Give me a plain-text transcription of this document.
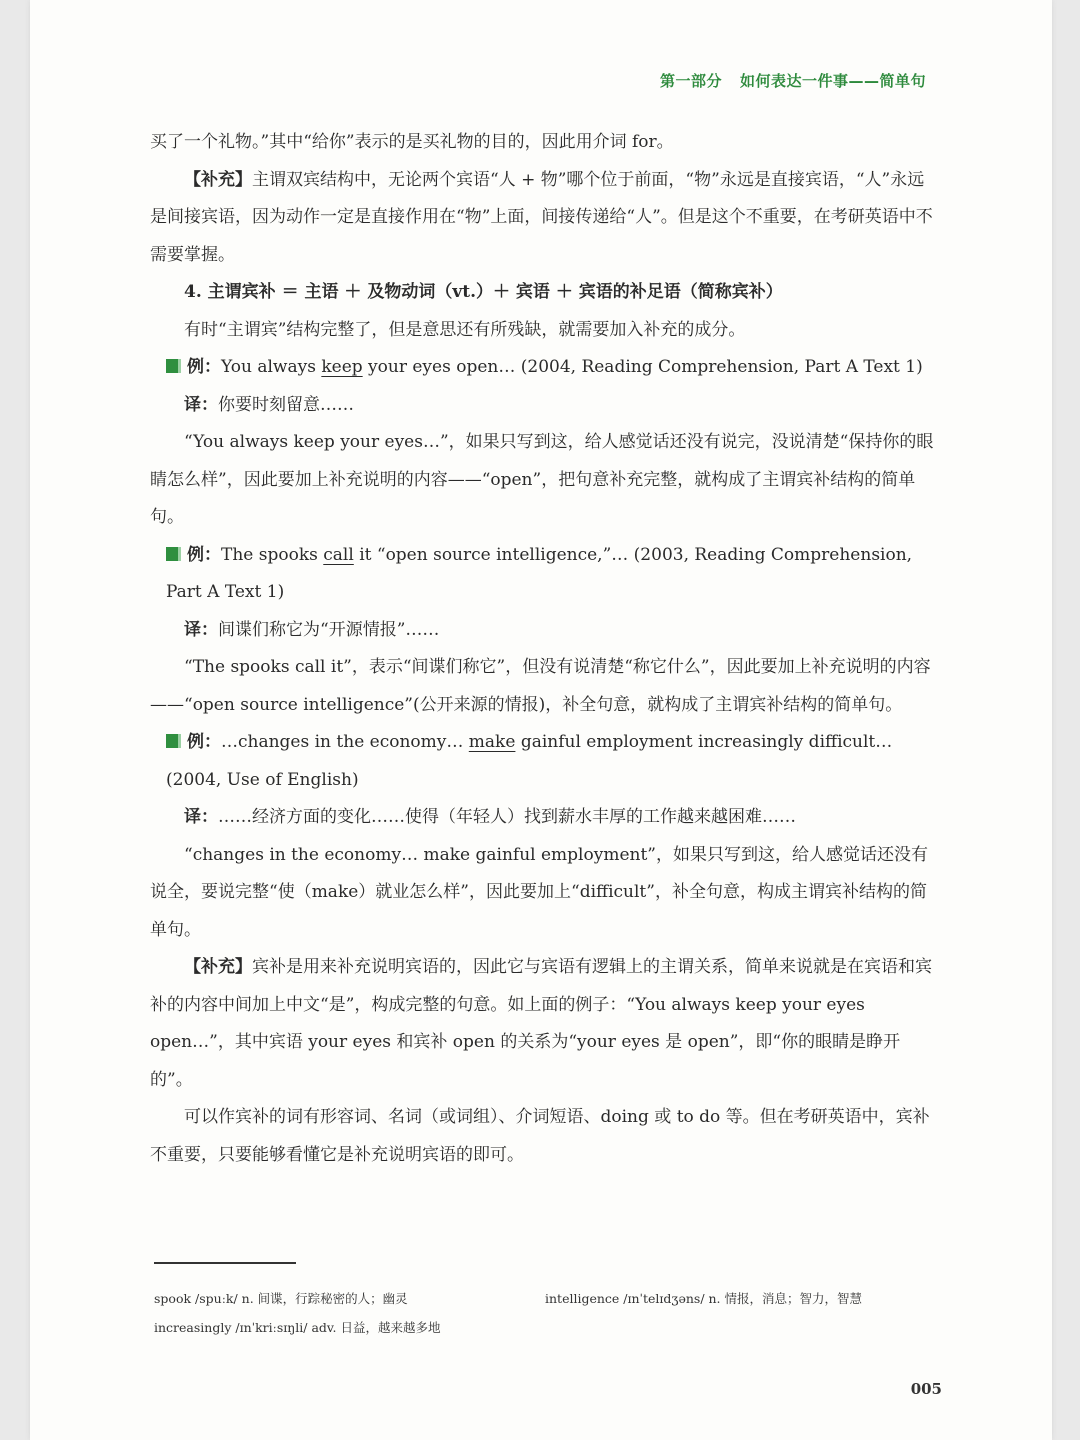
第一部分 如何表达一件事——简单句

买了一个礼物。”其中“给你”表示的是买礼物的目的，因此用介词 for。

【补充】主谓双宾结构中，无论两个宾语“人 + 物”哪个位于前面，“物”永远是直接宾语，“人”永远是间接宾语，因为动作一定是直接作用在“物”上面，间接传递给“人”。但是这个不重要，在考研英语中不需要掌握。

4. 主谓宾补 ＝ 主语 ＋ 及物动词（vt.）＋ 宾语 ＋ 宾语的补足语（简称宾补）

有时“主谓宾”结构完整了，但是意思还有所残缺，就需要加入补充的成分。

例：You always keep your eyes open… (2004, Reading Comprehension, Part A Text 1)

译：你要时刻留意……

“You always keep your eyes…”，如果只写到这，给人感觉话还没有说完，没说清楚“保持你的眼睛怎么样”，因此要加上补充说明的内容——“open”，把句意补充完整，就构成了主谓宾补结构的简单句。

例：The spooks call it “open source intelligence,”… (2003, Reading Comprehension, Part A Text 1)

译：间谍们称它为“开源情报”……

“The spooks call it”，表示“间谍们称它”，但没有说清楚“称它什么”，因此要加上补充说明的内容——“open source intelligence”(公开来源的情报)，补全句意，就构成了主谓宾补结构的简单句。

例：…changes in the economy… make gainful employment increasingly difficult… (2004, Use of English)

译：……经济方面的变化……使得（年轻人）找到薪水丰厚的工作越来越困难……

“changes in the economy… make gainful employment”，如果只写到这，给人感觉话还没有说全，要说完整“使（make）就业怎么样”，因此要加上“difficult”，补全句意，构成主谓宾补结构的简单句。

【补充】宾补是用来补充说明宾语的，因此它与宾语有逻辑上的主谓关系，简单来说就是在宾语和宾补的内容中间加上中文“是”，构成完整的句意。如上面的例子：“You always keep your eyes open…”，其中宾语 your eyes 和宾补 open 的关系为“your eyes 是 open”，即“你的眼睛是睁开的”。

可以作宾补的词有形容词、名词（或词组）、介词短语、doing 或 to do 等。但在考研英语中，宾补不重要，只要能够看懂它是补充说明宾语的即可。

spook /spuːk/ n. 间谍，行踪秘密的人；幽灵	intelligence /ɪnˈtelɪdʒəns/ n. 情报，消息；智力，智慧
increasingly /ɪnˈkriːsɪŋli/ adv. 日益，越来越多地
005
